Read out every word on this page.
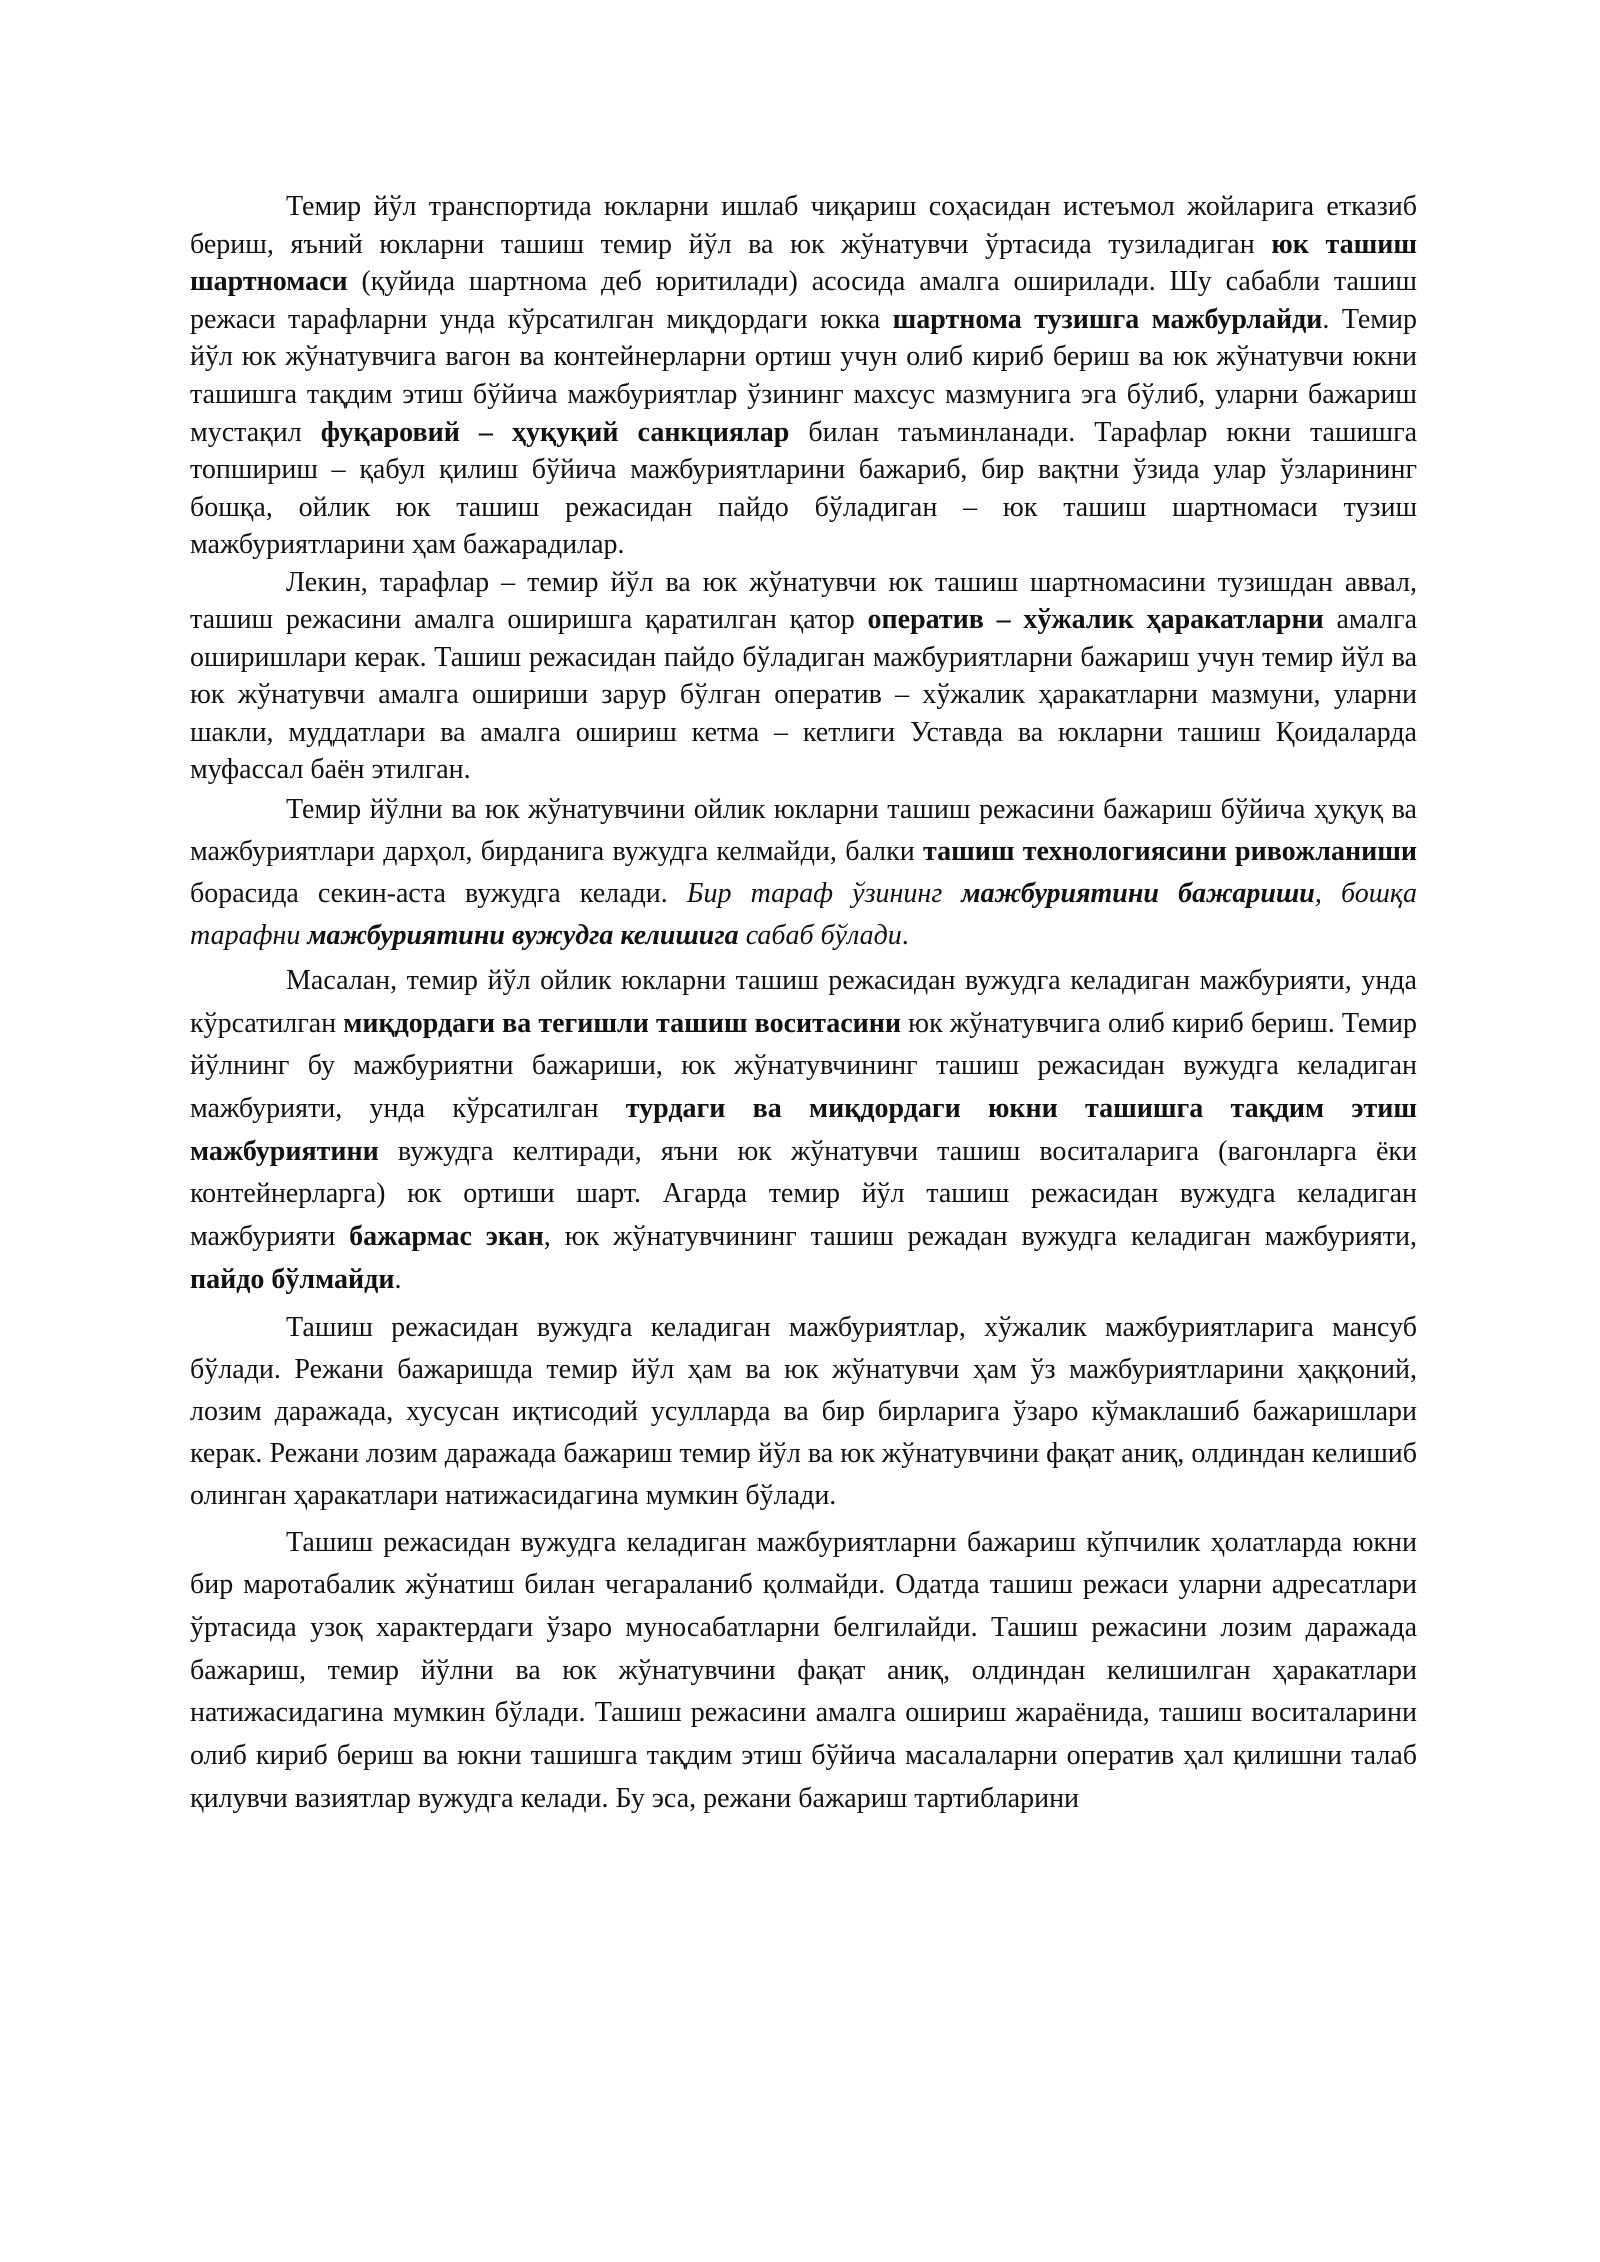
Темир йўл транспортида юкларни ишлаб чиқариш соҳасидан истеъмол жойларига етказиб бериш, яъний юкларни ташиш темир йўл ва юк жўнатувчи ўртасида тузиладиган юк ташиш шартномаси (қуйида шартнома деб юритилади) асосида амалга оширилади. Шу сабабли ташиш режаси тарафларни унда кўрсатилган миқдордаги юкка шартнома тузишга мажбурлайди. Темир йўл юк жўнатувчига вагон ва контейнерларни ортиш учун олиб кириб бериш ва юк жўнатувчи юкни ташишга тақдим этиш бўйича мажбуриятлар ўзининг махсус мазмунига эга бўлиб, уларни бажариш мустақил фуқаровий – ҳуқуқий санкциялар билан таъминланади. Тарафлар юкни ташишга топшириш – қабул қилиш бўйича мажбуриятларини бажариб, бир вақтни ўзида улар ўзларининг бошқа, ойлик юк ташиш режасидан пайдо бўладиган – юк ташиш шартномаси тузиш мажбуриятларини ҳам бажарадилар.

Лекин, тарафлар – темир йўл ва юк жўнатувчи юк ташиш шартномасини тузишдан аввал, ташиш режасини амалга оширишга қаратилган қатор оператив – хўжалик ҳаракатларни амалга оширишлари керак. Ташиш режасидан пайдо бўладиган мажбуриятларни бажариш учун темир йўл ва юк жўнатувчи амалга ошириши зарур бўлган оператив – хўжалик ҳаракатларни мазмуни, уларни шакли, муддатлари ва амалга ошириш кетма – кетлиги Уставда ва юкларни ташиш Қоидаларда муфассал баён этилган.

Темир йўлни ва юк жўнатувчини ойлик юкларни ташиш режасини бажариш бўйича ҳуқуқ ва мажбуриятлари дарҳол, бирданига вужудга келмайди, балки ташиш технологиясини ривожланиши борасида секин-аста вужудга келади. Бир тараф ўзининг мажбуриятини бажариши, бошқа тарафни мажбуриятини вужудга келишига сабаб бўлади.

Масалан, темир йўл ойлик юкларни ташиш режасидан вужудга келадиган мажбурияти, унда кўрсатилган миқдордаги ва тегишли ташиш воситасини юк жўнатувчига олиб кириб бериш. Темир йўлнинг бу мажбуриятни бажариши, юк жўнатувчининг ташиш режасидан вужудга келадиган мажбурияти, унда кўрсатилган турдаги ва миқдордаги юкни ташишга тақдим этиш мажбуриятини вужудга келтиради, яъни юк жўнатувчи ташиш воситаларига (вагонларга ёки контейнерларга) юк ортиши шарт. Агарда темир йўл ташиш режасидан вужудга келадиган мажбурияти бажармас экан, юк жўнатувчининг ташиш режадан вужудга келадиган мажбурияти, пайдо бўлмайди.

Ташиш режасидан вужудга келадиган мажбуриятлар, хўжалик мажбуриятларига мансуб бўлади. Режани бажаришда темир йўл ҳам ва юк жўнатувчи ҳам ўз мажбуриятларини ҳаққоний, лозим даражада, хусусан иқтисодий усулларда ва бир бирларига ўзаро кўмаклашиб бажаришлари керак. Режани лозим даражада бажариш темир йўл ва юк жўнатувчини фақат аниқ, олдиндан келишиб олинган ҳаракатлари натижасидагина мумкин бўлади.

Ташиш режасидан вужудга келадиган мажбуриятларни бажариш кўпчилик ҳолатларда юкни бир маротабалик жўнатиш билан чегараланиб қолмайди. Одатда ташиш режаси уларни адресатлари ўртасида узоқ характердаги ўзаро муносабатларни белгилайди. Ташиш режасини лозим даражада бажариш, темир йўлни ва юк жўнатувчини фақат аниқ, олдиндан келишилган ҳаракатлари натижасидагина мумкин бўлади. Ташиш режасини амалга ошириш жараёнида, ташиш воситаларини олиб кириб бериш ва юкни ташишга тақдим этиш бўйича масалаларни оператив ҳал қилишни талаб қилувчи вазиятлар вужудга келади. Бу эса, режани бажариш тартибларини
